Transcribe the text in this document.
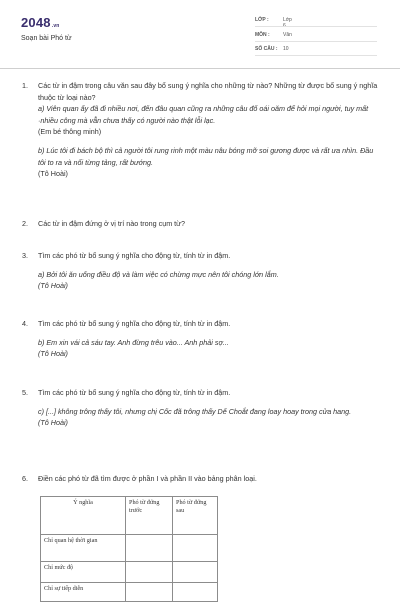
2048.vn
Soạn bài Phó từ
LỚP :	Lớp 6
MÔN :	Văn
SỐ CÂU :	10
1. Các từ in đậm trong câu văn sau đây bổ sung ý nghĩa cho những từ nào? Những từ được bổ sung ý nghĩa thuộc từ loại nào?

a) Viên quan ấy đã đi nhiều nơi, đến đâu quan cũng ra những câu đố oái oăm để hỏi mọi người, tuy mất ·nhiều công mà vẫn chưa thấy có người nào thật lỗi lạc.

(Em bé thông minh)

b) Lúc tôi đi bách bộ thì cả người tôi rung rinh một màu nâu bóng mỡ soi gương được và rất ưa nhìn. Đầu tôi to ra và nổi từng tảng, rất bướng.

(Tô Hoài)

2. Các từ in đậm đứng ở vị trí nào trong cụm từ?

3. Tìm các phó từ bổ sung ý nghĩa cho động từ, tính từ in đậm.

a) Bởi tôi ăn uống điều độ và làm việc có chừng mực nên tôi chóng lớn lắm.

(Tô Hoài)

4. Tìm các phó từ bổ sung ý nghĩa cho động từ, tính từ in đậm.

b) Em xin vái cả sáu tay. Anh đừng trêu vào... Anh phải sợ...

(Tô Hoài)

5. Tìm các phó từ bổ sung ý nghĩa cho động từ, tính từ in đậm.

c) [...] không trông thấy tôi, nhưng chị Cốc đã trông thấy Dế Choắt đang loay hoay trong cửa hang.

(Tô Hoài)

6. Điền các phó từ đã tìm được ở phần I và phần II vào bảng phân loại.

Ý nghĩa	Phó từ đứng trước	Phó từ đứng sau
Chỉ quan hệ thời gian		
Chỉ mức độ		
Chỉ sự tiếp diễn		
